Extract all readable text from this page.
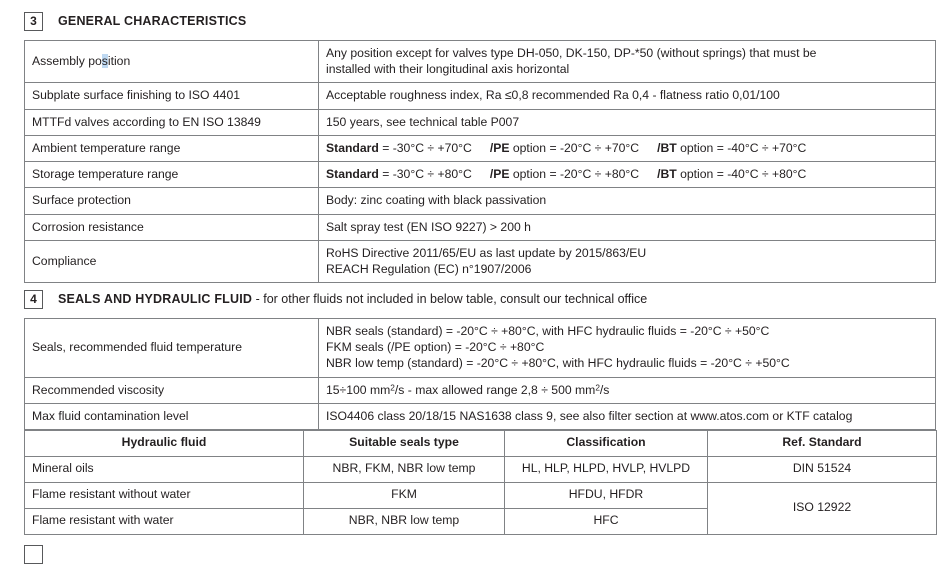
3	GENERAL CHARACTERISTICS
Assembly position	Any position except for valves type DH-050, DK-150, DP-*50 (without springs) that must be
installed with their longitudinal axis horizontal

Subplate surface finishing to ISO 4401	Acceptable roughness index, Ra ≤0,8 recommended Ra 0,4 - flatness ratio 0,01/100
MTTFd valves according to EN ISO 13849	150 years, see technical table P007
Ambient temperature range	Standard = -30°C ÷ +70°C /PE option = -20°C ÷ +70°C /BT option = -40°C ÷ +70°C
Storage temperature range	Standard = -30°C ÷ +80°C /PE option = -20°C ÷ +80°C /BT option = -40°C ÷ +80°C
Surface protection	Body: zinc coating with black passivation
Corrosion resistance	Salt spray test (EN ISO 9227) > 200 h
Compliance	RoHS Directive 2011/65/EU as last update by 2015/863/EU
REACH Regulation (EC) n°1907/2006
4	SEALS AND HYDRAULIC FLUID - for other fluids not included in below table, consult our technical office
Seals, recommended fluid temperature	NBR seals (standard) = -20°C ÷ +80°C, with HFC hydraulic fluids = -20°C ÷ +50°C
FKM seals (/PE option) = -20°C ÷ +80°C
NBR low temp (standard) = -20°C ÷ +80°C, with HFC hydraulic fluids = -20°C ÷ +50°C
Recommended viscosity	15÷100 $mm^2/s$ - max allowed range 2,8 ÷ 500 $mm^2/s$
Max fluid contamination level	ISO4406 class 20/18/15 NAS1638 class 9, see also filter section at www.atos.com or KTF catalog
Hydraulic fluid	Suitable seals type	Classification	Ref. Standard
Mineral oils	NBR, FKM, NBR low temp	HL, HLP, HLPD, HVLP, HVLPD	DIN 51524
Flame resistant without water	FKM	HFDU, HFDR	ISO 12922
Flame resistant with water	NBR, NBR low temp	HFC	
